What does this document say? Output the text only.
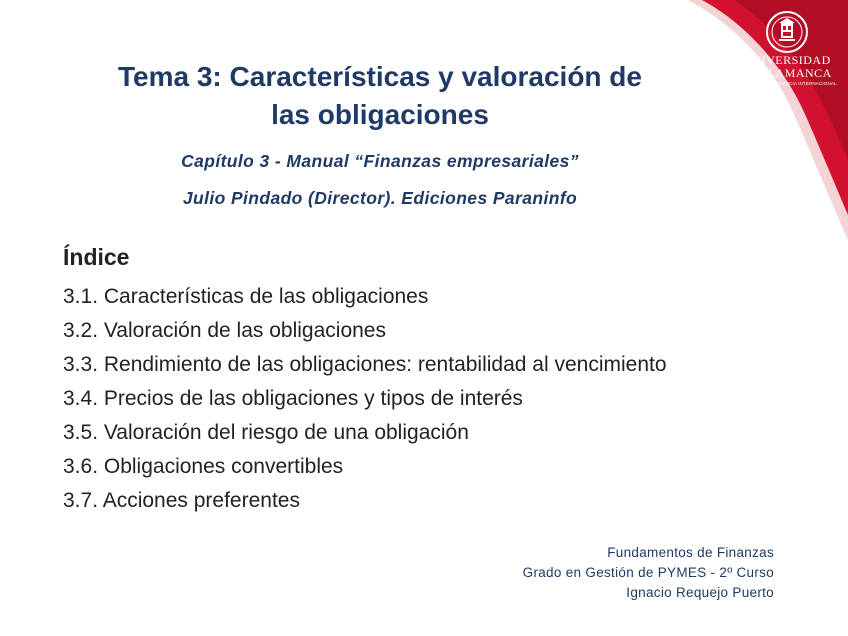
VNIVERSIDAD
DSALAMANCA
CAMPUS DE EXCELENCIA INTERNACIONAL
Tema 3: Características y valoración de
las obligaciones
Capítulo 3 - Manual “Finanzas empresariales”
Julio Pindado (Director). Ediciones Paraninfo
Índice
3.1. Características de las obligaciones
3.2. Valoración de las obligaciones
3.3. Rendimiento de las obligaciones: rentabilidad al vencimiento
3.4. Precios de las obligaciones y tipos de interés
3.5. Valoración del riesgo de una obligación
3.6. Obligaciones convertibles
3.7. Acciones preferentes
Fundamentos de Finanzas
Grado en Gestión de PYMES - 2º Curso
Ignacio Requejo Puerto
